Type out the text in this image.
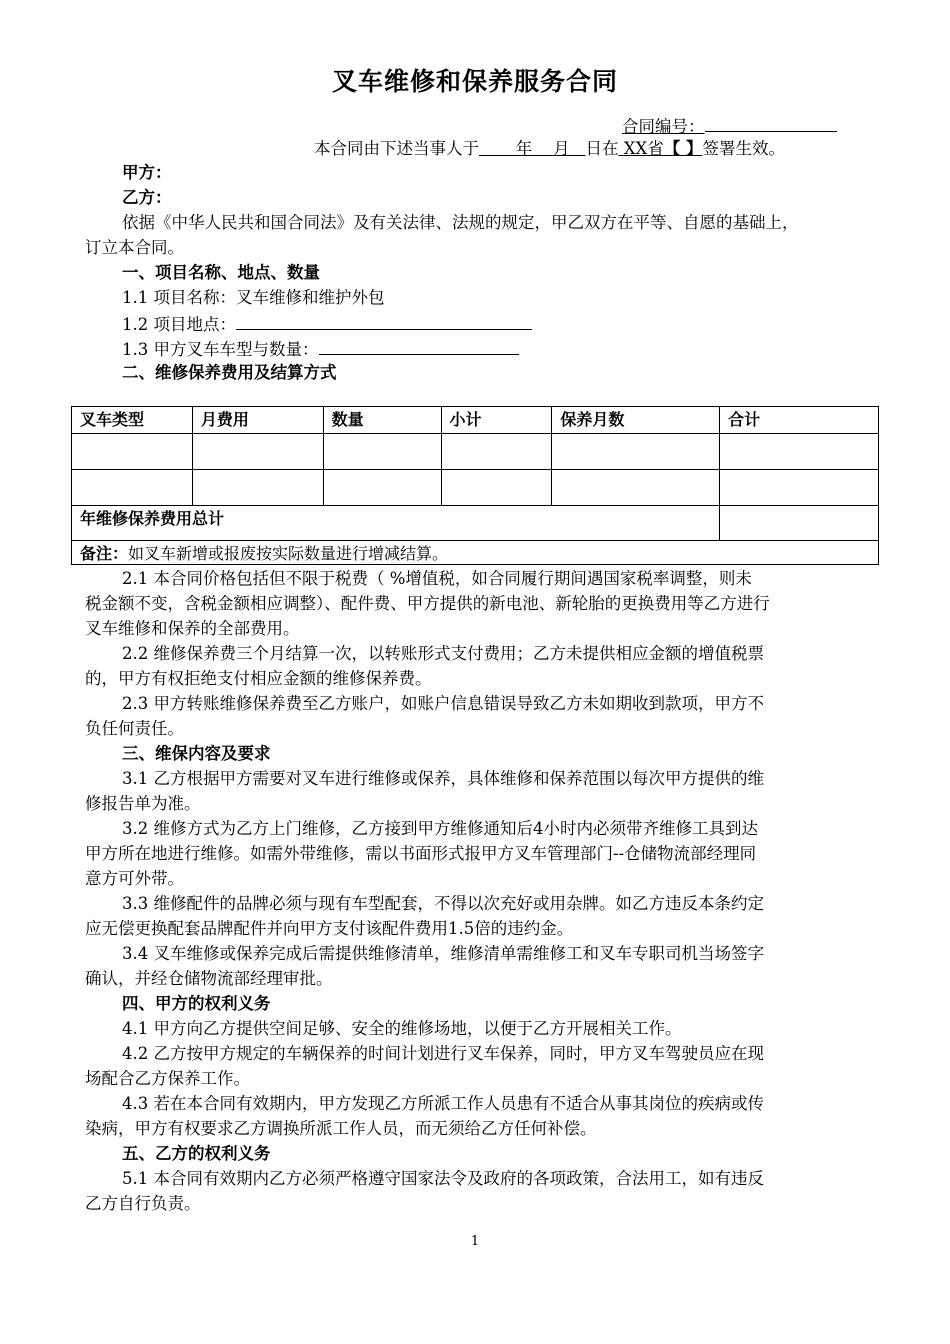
叉车维修和保养服务合同
合同编号：
本合同由下述当事人于 年 月 日在 XX省【 】签署生效。
甲方：
乙方：
依据《中华人民共和国合同法》及有关法律、法规的规定，甲乙双方在平等、自愿的基础上，
订立本合同。
一、项目名称、地点、数量
1.1 项目名称：叉车维修和维护外包
1.2 项目地点：
1.3 甲方叉车车型与数量：
二、维修保养费用及结算方式
叉车类型	月费用	数量	小计	保养月数	合计

年维修保养费用总计					
备注：如叉车新增或报废按实际数量进行增减结算。					
2.1 本合同价格包括但不限于税费（ %增值税，如合同履行期间遇国家税率调整，则未
税金额不变，含税金额相应调整）、配件费、甲方提供的新电池、新轮胎的更换费用等乙方进行
叉车维修和保养的全部费用。
2.2 维修保养费三个月结算一次，以转账形式支付费用；乙方未提供相应金额的增值税票
的，甲方有权拒绝支付相应金额的维修保养费。
2.3 甲方转账维修保养费至乙方账户，如账户信息错误导致乙方未如期收到款项，甲方不
负任何责任。
三、维保内容及要求
3.1 乙方根据甲方需要对叉车进行维修或保养，具体维修和保养范围以每次甲方提供的维
修报告单为准。
3.2 维修方式为乙方上门维修，乙方接到甲方维修通知后4小时内必须带齐维修工具到达
甲方所在地进行维修。如需外带维修，需以书面形式报甲方叉车管理部门--仓储物流部经理同
意方可外带。
3.3 维修配件的品牌必须与现有车型配套，不得以次充好或用杂牌。如乙方违反本条约定
应无偿更换配套品牌配件并向甲方支付该配件费用1.5倍的违约金。
3.4 叉车维修或保养完成后需提供维修清单，维修清单需维修工和叉车专职司机当场签字
确认，并经仓储物流部经理审批。
四、甲方的权利义务
4.1 甲方向乙方提供空间足够、安全的维修场地，以便于乙方开展相关工作。
4.2 乙方按甲方规定的车辆保养的时间计划进行叉车保养，同时，甲方叉车驾驶员应在现
场配合乙方保养工作。
4.3 若在本合同有效期内，甲方发现乙方所派工作人员患有不适合从事其岗位的疾病或传
染病，甲方有权要求乙方调换所派工作人员，而无须给乙方任何补偿。
五、乙方的权利义务
5.1 本合同有效期内乙方必须严格遵守国家法令及政府的各项政策，合法用工，如有违反
乙方自行负责。
1
